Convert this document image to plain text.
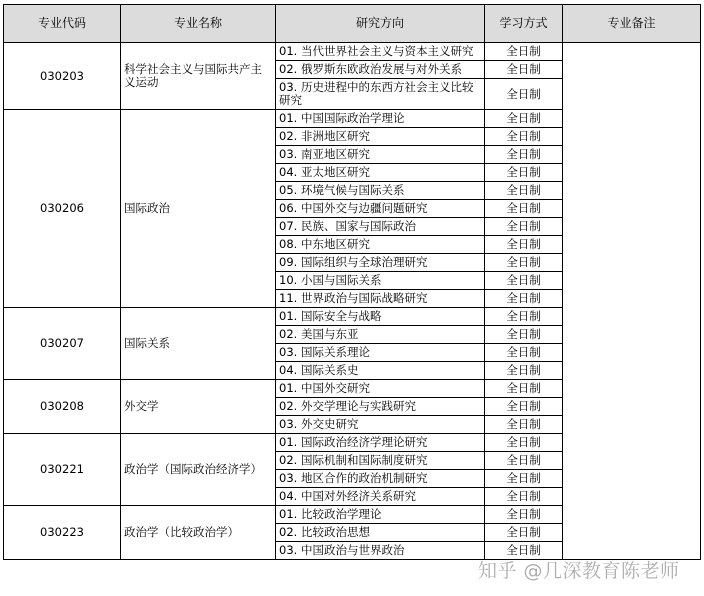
专业代码	专业名称	研究方向	学习方式	专业备注
030203	科学社会主义与国际共产主义运动	01. 当代世界社会主义与资本主义研究	全日制	
		02. 俄罗斯东欧政治发展与对外关系	全日制	
		03. 历史进程中的东西方社会主义比较研究	全日制	
030206	国际政治	01. 中国国际政治学理论	全日制	
		02. 非洲地区研究	全日制	
		03. 南亚地区研究	全日制	
		04. 亚太地区研究	全日制	
		05. 环境气候与国际关系	全日制	
		06. 中国外交与边疆问题研究	全日制	
		07. 民族、国家与国际政治	全日制	
		08. 中东地区研究	全日制	
		09. 国际组织与全球治理研究	全日制	
		10. 小国与国际关系	全日制	
		11. 世界政治与国际战略研究	全日制	
030207	国际关系	01. 国际安全与战略	全日制	
		02. 美国与东亚	全日制	
		03. 国际关系理论	全日制	
		04. 国际关系史	全日制	
030208	外交学	01. 中国外交研究	全日制	
		02. 外交学理论与实践研究	全日制	
		03. 外交史研究	全日制	
030221	政治学（国际政治经济学）	01. 国际政治经济学理论研究	全日制	
		02. 国际机制和国际制度研究	全日制	
		03. 地区合作的政治机制研究	全日制	
		04. 中国对外经济关系研究	全日制	
030223	政治学（比较政治学）	01. 比较政治学理论	全日制	
		02. 比较政治思想	全日制	
		03. 中国政治与世界政治	全日制	
知乎 @几深教育陈老师
